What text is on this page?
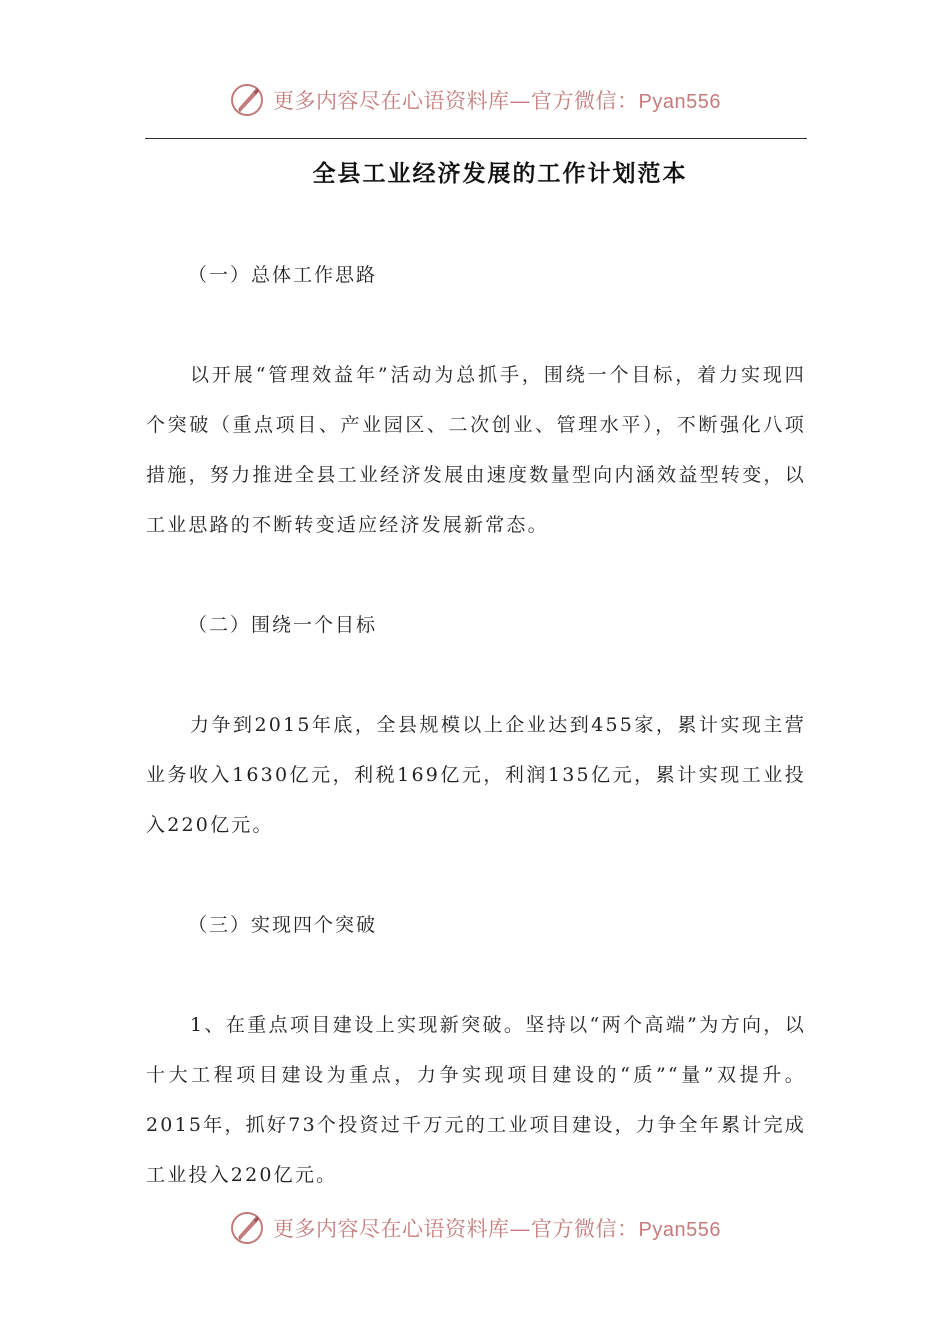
更多内容尽在心语资料库—官方微信：Pyan556
全县工业经济发展的工作计划范本

（一）总体工作思路

以开展“管理效益年”活动为总抓手，围绕一个目标，着力实现四个突破（重点项目、产业园区、二次创业、管理水平），不断强化八项措施，努力推进全县工业经济发展由速度数量型向内涵效益型转变，以工业思路的不断转变适应经济发展新常态。

（二）围绕一个目标

力争到2015年底，全县规模以上企业达到455家，累计实现主营业务收入1630亿元，利税169亿元，利润135亿元，累计实现工业投入220亿元。

（三）实现四个突破

1、在重点项目建设上实现新突破。坚持以“两个高端”为方向，以十大工程项目建设为重点，力争实现项目建设的“质”“量”双提升。2015年，抓好73个投资过千万元的工业项目建设，力争全年累计完成工业投入220亿元。

更多内容尽在心语资料库—官方微信：Pyan556
